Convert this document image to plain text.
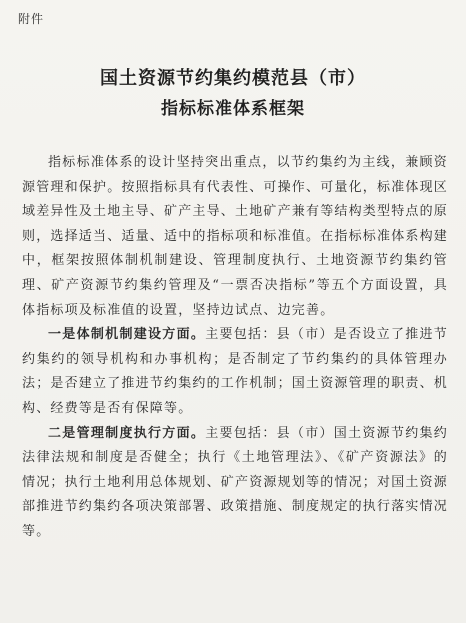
附件
国土资源节约集约模范县（市）
指标标准体系框架

指标标准体系的设计坚持突出重点，以节约集约为主线，兼顾资源管理和保护。按照指标具有代表性、可操作、可量化，标准体现区域差异性及土地主导、矿产主导、土地矿产兼有等结构类型特点的原则，选择适当、适量、适中的指标项和标准值。在指标标准体系构建中，框架按照体制机制建设、管理制度执行、土地资源节约集约管理、矿产资源节约集约管理及“一票否决指标”等五个方面设置，具体指标项及标准值的设置，坚持边试点、边完善。

一是体制机制建设方面。主要包括：县（市）是否设立了推进节约集约的领导机构和办事机构；是否制定了节约集约的具体管理办法；是否建立了推进节约集约的工作机制；国土资源管理的职责、机构、经费等是否有保障等。

二是管理制度执行方面。主要包括：县（市）国土资源节约集约法律法规和制度是否健全；执行《土地管理法》、《矿产资源法》的情况；执行土地利用总体规划、矿产资源规划等的情况；对国土资源部推进节约集约各项决策部署、政策措施、制度规定的执行落实情况等。
